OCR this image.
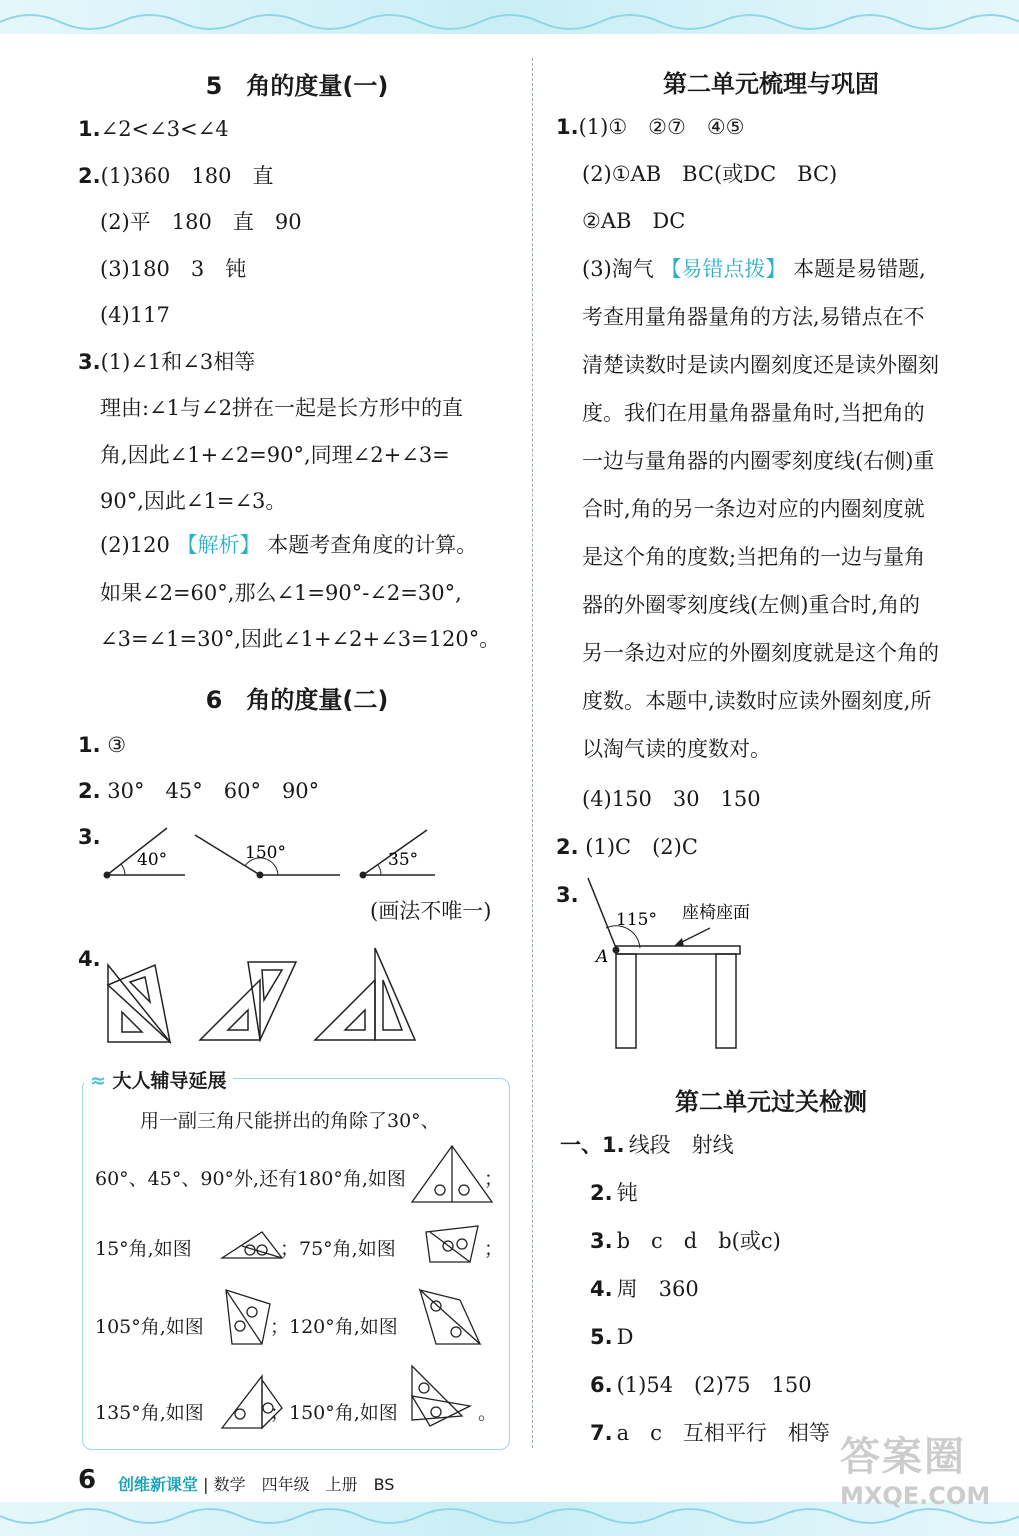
5　角的度量(一)
1.∠2<∠3<∠4
2.(1)360　180　直
(2)平　180　直　90
(3)180　3　钝
(4)117
3.(1)∠1和∠3相等
理由:∠1与∠2拼在一起是长方形中的直
角,因此∠1+∠2=90°,同理∠2+∠3=
90°,因此∠1=∠3。
(2)120 【解析】 本题考查角度的计算。
如果∠2=60°,那么∠1=90°-∠2=30°,
∠3=∠1=30°,因此∠1+∠2+∠3=120°。
6　角的度量(二)
1. ③
2. 30°　45°　60°　90°
3.
40°	150°	35°
(画法不唯一)
4.
≈ 大人辅导延展
用一副三角尺能拼出的角除了30°、
60°、45°、90°外,还有180°角,如图	；
15°角,如图	；75°角,如图	；
105°角,如图	；120°角,如图
135°角,如图	；150°角,如图	。
第二单元梳理与巩固
1.(1)①　②⑦　④⑤
(2)①AB　BC(或DC　BC)
②AB　DC
(3)淘气 【易错点拨】 本题是易错题,
考查用量角器量角的方法,易错点在不
清楚读数时是读内圈刻度还是读外圈刻
度。我们在用量角器量角时,当把角的
一边与量角器的内圈零刻度线(右侧)重
合时,角的另一条边对应的内圈刻度就
是这个角的度数;当把角的一边与量角
器的外圈零刻度线(左侧)重合时,角的
另一条边对应的外圈刻度就是这个角的
度数。本题中,读数时应读外圈刻度,所
以淘气读的度数对。
(4)150　30　150
2. (1)C　(2)C
3.
115°
A
座椅座面
第二单元过关检测
一、1. 线段　射线
2. 钝
3. b　c　d　b(或c)
4. 周　360
5. D
6. (1)54　(2)75　150
7. a　c　互相平行　相等
6 创维新课堂 | 数学　四年级　上册　BS
答案圈
MXQE.COM
